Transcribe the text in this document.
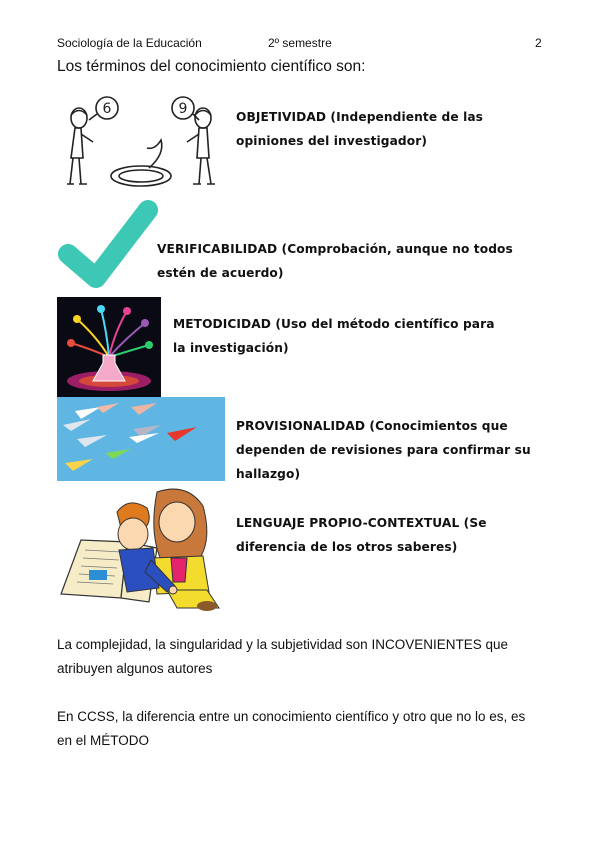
Sociología de la Educación	2º semestre	2
Los términos del conocimiento científico son:
6	9	OBJETIVIDAD (Independiente de las opiniones del investigador)
VERIFICABILIDAD (Comprobación, aunque no todos estén de acuerdo)
METODICIDAD (Uso del método científico para la investigación)
PROVISIONALIDAD (Conocimientos que dependen de revisiones para confirmar su hallazgo)
LENGUAJE PROPIO-CONTEXTUAL (Se diferencia de los otros saberes)
La complejidad, la singularidad y la subjetividad son INCOVENIENTES que atribuyen algunos autores
En CCSS, la diferencia entre un conocimiento científico y otro que no lo es, es en el MÉTODO
